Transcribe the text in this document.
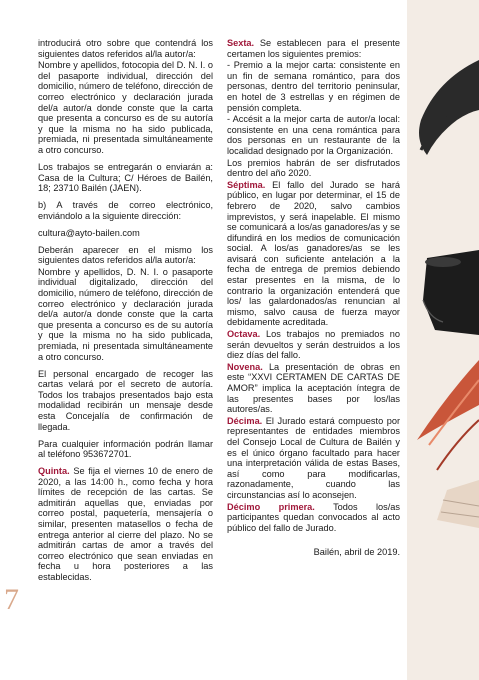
introducirá otro sobre que contendrá los siguientes datos referidos al/la autor/a:

Nombre y apellidos, fotocopia del D. N. I. o del pasaporte individual, dirección del domicilio, número de teléfono, dirección de correo electrónico y declaración jurada del/a autor/a donde conste que la carta que presenta a concurso es de su autoría y que la misma no ha sido publicada, premiada, ni presentada simultáneamente a otro concurso.

Los trabajos se entregarán o enviarán a: Casa de la Cultura; C/ Héroes de Bailén, 18; 23710 Bailén (JAEN).

b) A través de correo electrónico, enviándolo a la siguiente dirección:

cultura@ayto-bailen.com

Deberán aparecer en el mismo los siguientes datos referidos al/la autor/a:

Nombre y apellidos, D. N. I. o pasaporte individual digitalizado, dirección del domicilio, número de teléfono, dirección de correo electrónico y declaración jurada del/a autor/a donde conste que la carta que presenta a concurso es de su autoría y que la misma no ha sido publicada, premiada, ni presentada simultáneamente a otro concurso.

El personal encargado de recoger las cartas velará por el secreto de autoría. Todos los trabajos presentados bajo esta modalidad recibirán un mensaje desde esta Concejalía de confirmación de llegada.

Para cualquier información podrán llamar al teléfono 953672701.

Quinta. Se fija el viernes 10 de enero de 2020, a las 14:00 h., como fecha y hora límites de recepción de las cartas. Se admitirán aquellas que, enviadas por correo postal, paquetería, mensajería o similar, presenten matasellos o fecha de entrega anterior al cierre del plazo. No se admitirán cartas de amor a través del correo electrónico que sean enviadas en fecha u hora posteriores a las establecidas.

Sexta. Se establecen para el presente certamen los siguientes premios:

- Premio a la mejor carta: consistente en un fin de semana romántico, para dos personas, dentro del territorio peninsular, en hotel de 3 estrellas y en régimen de pensión completa.

- Accésit a la mejor carta de autor/a local: consistente en una cena romántica para dos personas en un restaurante de la localidad designado por la Organización.

Los premios habrán de ser disfrutados dentro del año 2020.

Séptima. El fallo del Jurado se hará público, en lugar por determinar, el 15 de febrero de 2020, salvo cambios imprevistos, y será inapelable. El mismo se comunicará a los/as ganadores/as y se difundirá en los medios de comunicación social. A los/as ganadores/as se les avisará con suficiente antelación a la fecha de entrega de premios debiendo estar presentes en la misma, de lo contrario la organización entenderá que los/ las galardonados/as renuncian al mismo, salvo causa de fuerza mayor debidamente acreditada.

Octava. Los trabajos no premiados no serán devueltos y serán destruidos a los diez días del fallo.

Novena. La presentación de obras en este “XXVI CERTAMEN DE CARTAS DE AMOR” implica la aceptación íntegra de las presentes bases por los/las autores/as.

Décima. El Jurado estará compuesto por representantes de entidades miembros del Consejo Local de Cultura de Bailén y es el único órgano facultado para hacer una interpretación válida de estas Bases, así como para modificarlas, razonadamente, cuando las circunstancias así lo aconsejen.

Décimo primera. Todos los/as participantes quedan convocados al acto público del fallo de Jurado.

Bailén, abril de 2019.

7
